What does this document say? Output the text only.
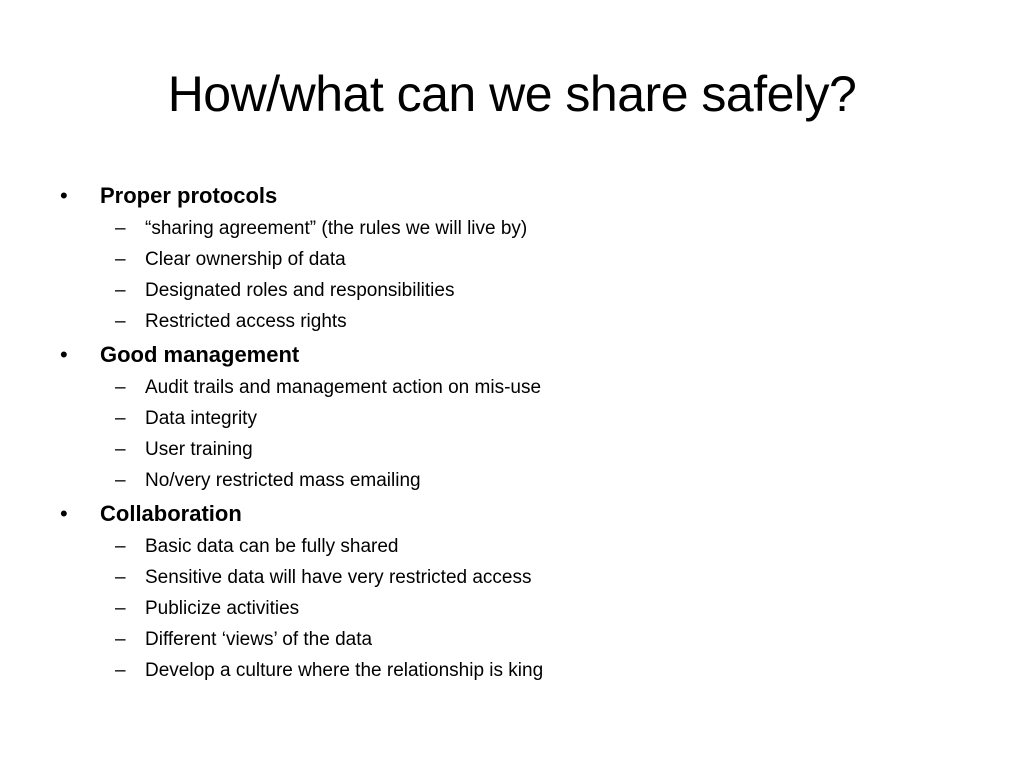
How/what can we share safely?
• Proper protocols
– “sharing agreement” (the rules we will live by)
– Clear ownership of data
– Designated roles and responsibilities
– Restricted access rights
• Good management
– Audit trails and management action on mis-use
– Data integrity
– User training
– No/very restricted mass emailing
• Collaboration
– Basic data can be fully shared
– Sensitive data will have very restricted access
– Publicize activities
– Different ‘views’ of the data
– Develop a culture where the relationship is king
